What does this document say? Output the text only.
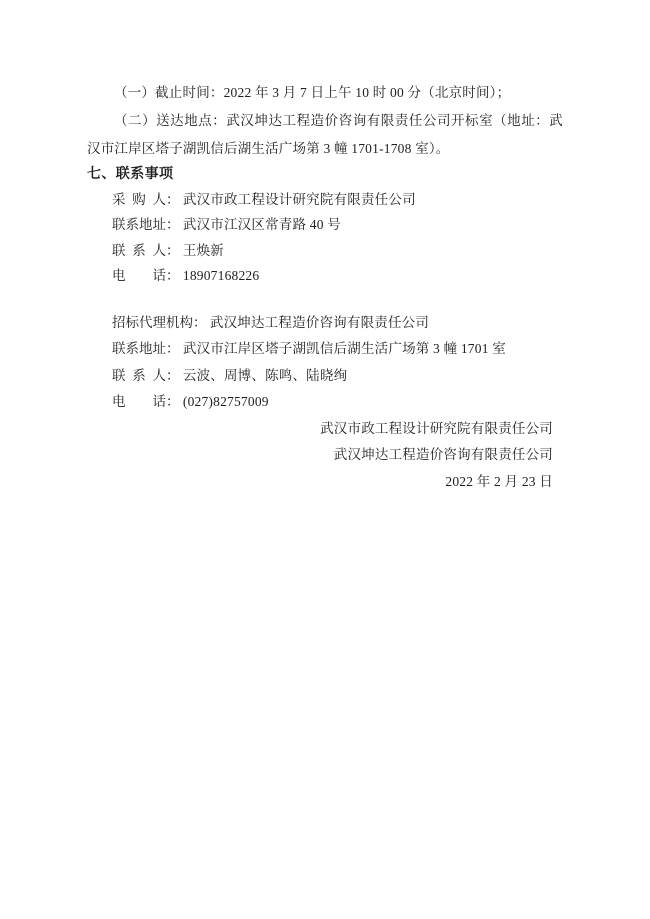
（一）截止时间：2022 年 3 月 7 日上午 10 时 00 分（北京时间）；

（二）送达地点：武汉坤达工程造价咨询有限责任公司开标室（地址：武汉市江岸区塔子湖凯信后湖生活广场第 3 幢 1701-1708 室）。

七、联系事项
采购人： 武汉市政工程设计研究院有限责任公司
联系地址： 武汉市江汉区常青路 40 号
联系人： 王焕新
电话： 18907168226
招标代理机构： 武汉坤达工程造价咨询有限责任公司
联系地址： 武汉市江岸区塔子湖凯信后湖生活广场第 3 幢 1701 室
联系人： 云波、周博、陈鸣、陆晓绚
电话： (027)82757009

武汉市政工程设计研究院有限责任公司

武汉坤达工程造价咨询有限责任公司

2022 年 2 月 23 日
